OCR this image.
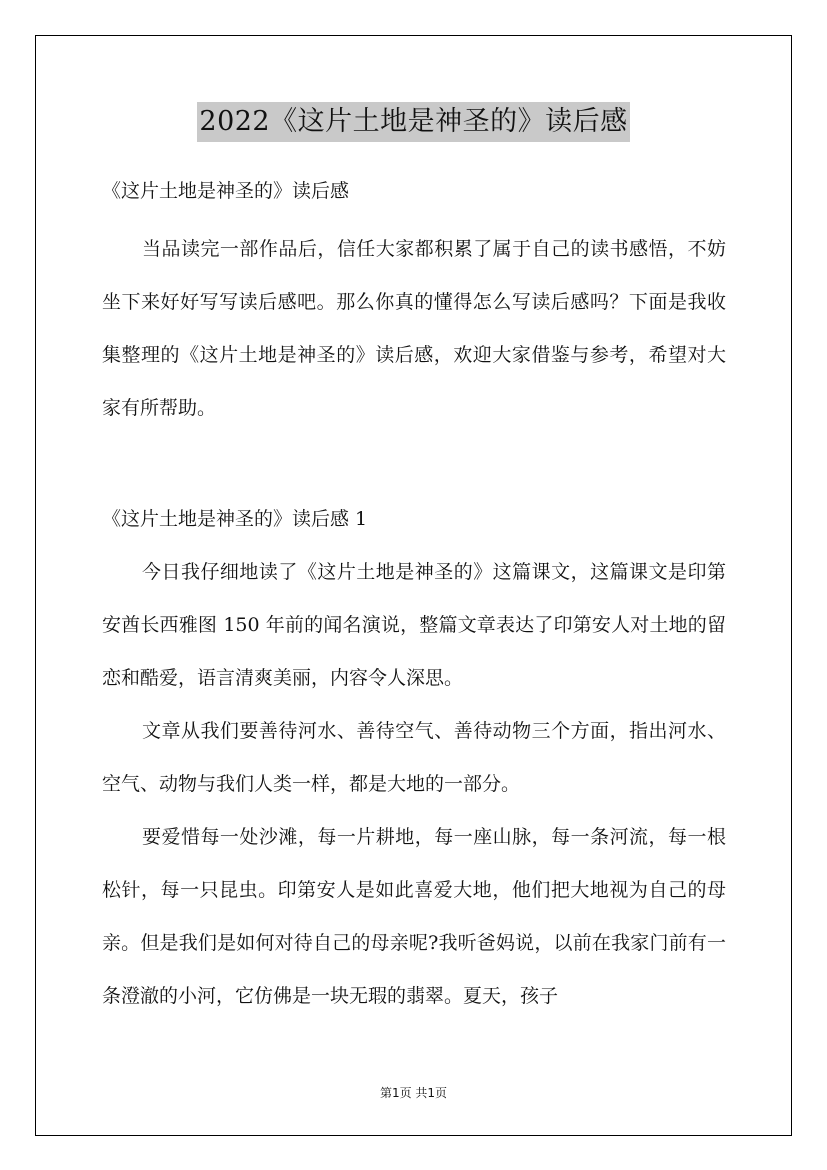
2022《这片土地是神圣的》读后感

《这片土地是神圣的》读后感

当品读完一部作品后，信任大家都积累了属于自己的读书感悟，不妨坐下来好好写写读后感吧。那么你真的懂得怎么写读后感吗？下面是我收集整理的《这片土地是神圣的》读后感，欢迎大家借鉴与参考，希望对大家有所帮助。

《这片土地是神圣的》读后感 1

今日我仔细地读了《这片土地是神圣的》这篇课文，这篇课文是印第安酋长西雅图 150 年前的闻名演说，整篇文章表达了印第安人对土地的留恋和酷爱，语言清爽美丽，内容令人深思。

文章从我们要善待河水、善待空气、善待动物三个方面，指出河水、空气、动物与我们人类一样，都是大地的一部分。

要爱惜每一处沙滩，每一片耕地，每一座山脉，每一条河流，每一根松针，每一只昆虫。印第安人是如此喜爱大地，他们把大地视为自己的母亲。但是我们是如何对待自己的母亲呢?我听爸妈说，以前在我家门前有一条澄澈的小河，它仿佛是一块无瑕的翡翠。夏天，孩子

第1页 共1页
